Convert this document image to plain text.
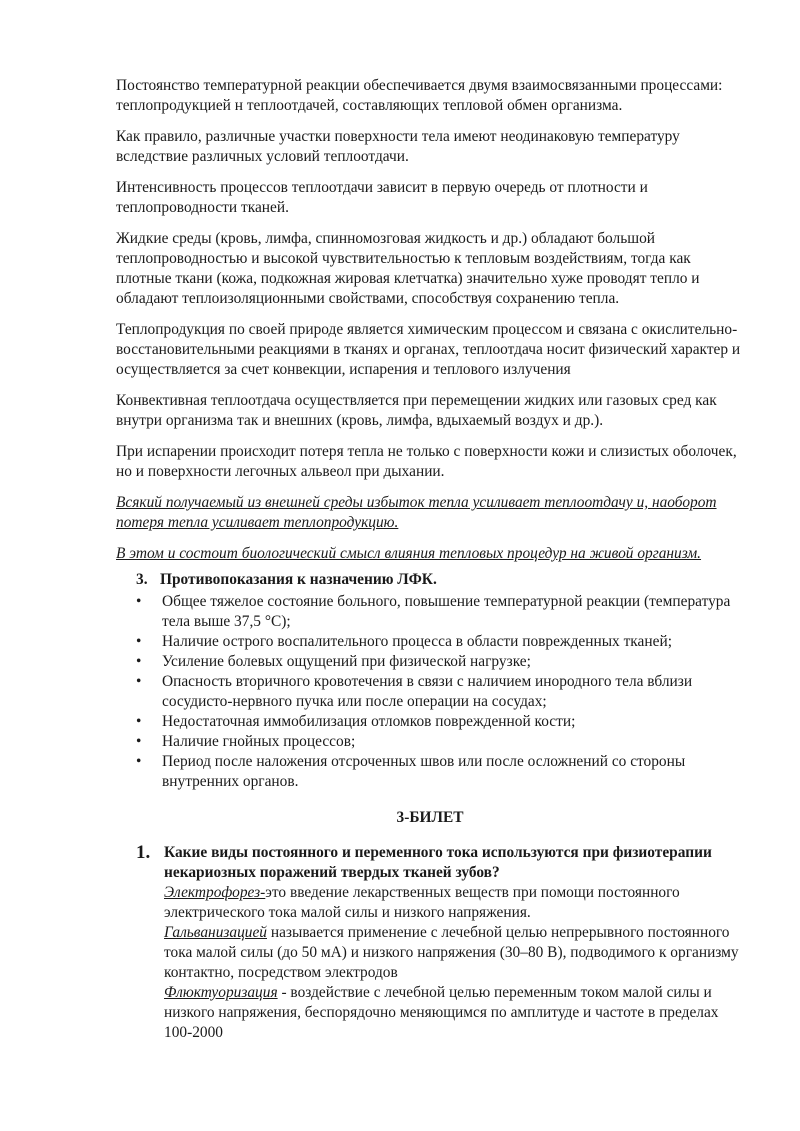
Постоянство температурной реакции обеспечивается двумя взаимосвязанными процессами: теплопродукцией н теплоотдачей, составляющих тепловой обмен организма.

Как правило, различные участки поверхности тела имеют неодинаковую температуру вследствие различных условий теплоотдачи.

Интенсивность процессов теплоотдачи зависит в первую очередь от плотности и теплопроводности тканей.

Жидкие среды (кровь, лимфа, спинномозговая жидкость и др.) обладают большой теплопроводностью и высокой чувствительностью к тепловым воздействиям, тогда как плотные ткани (кожа, подкожная жировая клетчатка) значительно хуже проводят тепло и обладают теплоизоляционными свойствами, способствуя сохранению тепла.

Теплопродукция по своей природе является химическим процессом и связана с окислительно-восстановительными реакциями в тканях и органах, теплоотдача носит физический характер и осуществляется за счет конвекции, испарения и теплового излучения

Конвективная теплоотдача осуществляется при перемещении жидких или газовых сред как внутри организма так и внешних (кровь, лимфа, вдыхаемый воздух и др.).

При испарении происходит потеря тепла не только с поверхности кожи и слизистых оболочек, но и поверхности легочных альвеол при дыхании.

Всякий получаемый из внешней среды избыток тепла усиливает теплоотдачу и, наоборот потеря тепла усиливает теплопродукцию.

В этом и состоит биологический смысл влияния тепловых процедур на живой организм.

3. Противопоказания к назначению ЛФК.
•	Общее тяжелое состояние больного, повышение температурной реакции (температура тела выше 37,5 °С);
•	Наличие острого воспалительного процесса в области поврежденных тканей;
•	Усиление болевых ощущений при физической нагрузке;
•	Опасность вторичного кровотечения в связи с наличием инородного тела вблизи сосудисто-нервного пучка или после операции на сосудах;
•	Недостаточная иммобилизация отломков поврежденной кости;
•	Наличие гнойных процессов;
•	Период после наложения отсроченных швов или после осложнений со стороны внутренних органов.
3-БИЛЕТ
1. Какие виды постоянного и переменного тока используются при физиотерапии некариозных поражений твердых тканей зубов?
Электрофорез-это введение лекарственных веществ при помощи постоянного электрического тока малой силы и низкого напряжения.
Гальванизацией называется применение с лечебной целью непрерывного постоянного тока малой силы (до 50 мА) и низкого напряжения (30–80 В), подводимого к организму контактно, посредством электродов
Флюктуоризация - воздействие с лечебной целью переменным током малой силы и низкого напряжения, беспорядочно меняющимся по амплитуде и частоте в пределах 100-2000
